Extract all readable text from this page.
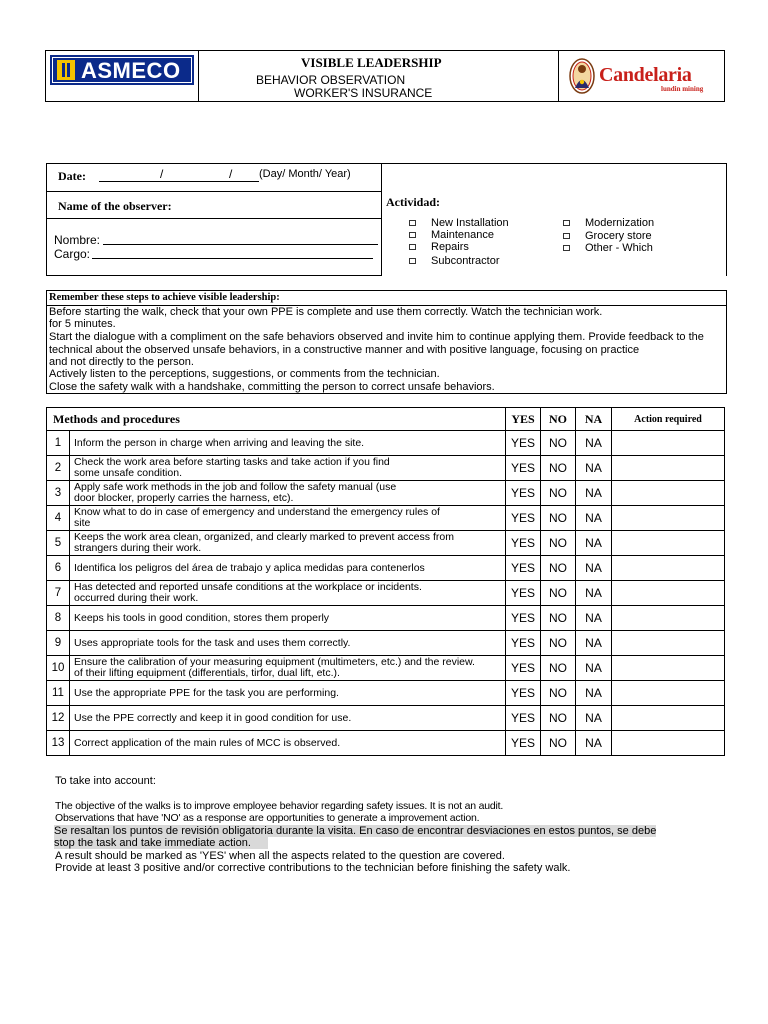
ASMECO	VISIBLE LEADERSHIP
BEHAVIOR OBSERVATION
WORKER'S INSURANCE
Candelaria
lundin mining
Date:	/	/ (Day/ Month/ Year)
Name of the observer:
Nombre:
Cargo:
Actividad:
New Installation
Maintenance
Repairs
Subcontractor
Modernization
Grocery store
Other - Which
Remember these steps to achieve visible leadership:
Before starting the walk, check that your own PPE is complete and use them correctly. Watch the technician work.
for 5 minutes.
Start the dialogue with a compliment on the safe behaviors observed and invite him to continue applying them. Provide feedback to the
technical about the observed unsafe behaviors, in a constructive manner and with positive language, focusing on practice
and not directly to the person.
Actively listen to the perceptions, suggestions, or comments from the technician.
Close the safety walk with a handshake, committing the person to correct unsafe behaviors.
Methods and procedures		YES	NO	NA	Action required
1	Inform the person in charge when arriving and leaving the site.	YES	NO	NA	
2	Check the work area before starting tasks and take action if you find
some unsafe condition.	YES	NO	NA	
3	Apply safe work methods in the job and follow the safety manual (use
door blocker, properly carries the harness, etc).	YES	NO	NA	
4	Know what to do in case of emergency and understand the emergency rules of
site	YES	NO	NA	
5	Keeps the work area clean, organized, and clearly marked to prevent access from
strangers during their work.	YES	NO	NA	
6	Identifica los peligros del área de trabajo y aplica medidas para contenerlos	YES	NO	NA	
7	Has detected and reported unsafe conditions at the workplace or incidents.
occurred during their work.	YES	NO	NA	
8	Keeps his tools in good condition, stores them properly	YES	NO	NA	
9	Uses appropriate tools for the task and uses them correctly.	YES	NO	NA	
10	Ensure the calibration of your measuring equipment (multimeters, etc.) and the review.
of their lifting equipment (differentials, tirfor, dual lift, etc.).	YES	NO	NA	
11	Use the appropriate PPE for the task you are performing.	YES	NO	NA	
12	Use the PPE correctly and keep it in good condition for use.	YES	NO	NA	
13	Correct application of the main rules of MCC is observed.	YES	NO	NA	
To take into account:
The objective of the walks is to improve employee behavior regarding safety issues. It is not an audit.
Observations that have 'NO' as a response are opportunities to generate a improvement action.
Se resaltan los puntos de revisión obligatoria durante la visita. En caso de encontrar desviaciones en estos puntos, se debe
stop the task and take immediate action.
A result should be marked as 'YES' when all the aspects related to the question are covered.
Provide at least 3 positive and/or corrective contributions to the technician before finishing the safety walk.
